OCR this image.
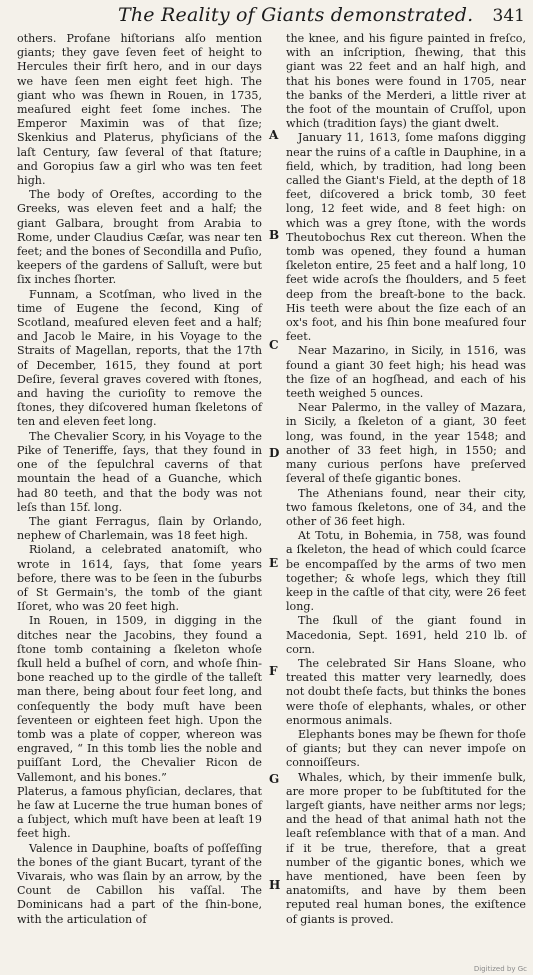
The Reality of Giants demonstrated. 341

others. Profane hiſtorians alſo mention giants; they gave ſeven feet of height to Hercules their firſt hero, and in our days we have ſeen men eight feet high. The giant who was ſhewn in Rouen, in 1735, meaſured eight feet ſome inches. The Emperor Maximin was of that ſize; Skenkius and Platerus, phyſicians of the laſt Century, ſaw ſeveral of that ſtature; and Goropius ſaw a girl who was ten feet high.

The body of Oreſtes, according to the Greeks, was eleven feet and a half; the giant Galbara, brought from Arabia to Rome, under Claudius Cæſar, was near ten feet; and the bones of Secondilla and Puſio, keepers of the gardens of Salluſt, were but ſix inches ſhorter.

Funnam, a Scotſman, who lived in the time of Eugene the ſecond, King of Scotland, meaſured eleven feet and a half; and Jacob le Maire, in his Voyage to the Straits of Magellan, reports, that the 17th of December, 1615, they found at port Deſire, ſeveral graves covered with ſtones, and having the curioſity to remove the ſtones, they diſcovered human ſkeletons of ten and eleven feet long.

The Chevalier Scory, in his Voyage to the Pike of Teneriffe, ſays, that they found in one of the ſepulchral caverns of that mountain the head of a Guanche, which had 80 teeth, and that the body was not leſs than 15f. long.

The giant Ferragus, ſlain by Orlando, nephew of Charlemain, was 18 feet high.

Rioland, a celebrated anatomiſt, who wrote in 1614, ſays, that ſome years before, there was to be ſeen in the ſuburbs of St Germain's, the tomb of the giant Iſoret, who was 20 feet high.

In Rouen, in 1509, in digging in the ditches near the Jacobins, they found a ſtone tomb containing a ſkeleton whoſe ſkull held a buſhel of corn, and whoſe ſhin-bone reached up to the girdle of the talleſt man there, being about four feet long, and conſequently the body muſt have been ſeventeen or eighteen feet high. Upon the tomb was a plate of copper, whereon was engraved, “ In this tomb lies the noble and puiſſant Lord, the Chevalier Ricon de Vallemont, and his bones.”

Platerus, a famous phyſician, declares, that he ſaw at Lucerne the true human bones of a ſubject, which muſt have been at leaſt 19 feet high.

Valence in Dauphine, boaſts of poſſeſſing the bones of the giant Bucart, tyrant of the Vivarais, who was ſlain by an arrow, by the Count de Cabillon his vaſſal. The Dominicans had a part of the ſhin-bone, with the articulation of

the knee, and his figure painted in freſco, with an inſcription, ſhewing, that this giant was 22 feet and an half high, and that his bones were found in 1705, near the banks of the Merderi, a little river at the foot of the mountain of Cruſſol, upon which (tradition ſays) the giant dwelt.

January 11, 1613, ſome maſons digging near the ruins of a caſtle in Dauphine, in a field, which, by tradition, had long been called the Giant's Field, at the depth of 18 feet, diſcovered a brick tomb, 30 feet long, 12 feet wide, and 8 feet high: on which was a grey ſtone, with the words Theutobochus Rex cut thereon. When the tomb was opened, they found a human ſkeleton entire, 25 feet and a half long, 10 feet wide acroſs the ſhoulders, and 5 feet deep from the breaſt-bone to the back. His teeth were about the ſize each of an ox's foot, and his ſhin bone meaſured four feet.

Near Mazarino, in Sicily, in 1516, was found a giant 30 feet high; his head was the ſize of an hogſhead, and each of his teeth weighed 5 ounces.

Near Palermo, in the valley of Mazara, in Sicily, a ſkeleton of a giant, 30 feet long, was found, in the year 1548; and another of 33 feet high, in 1550; and many curious perſons have preſerved ſeveral of theſe gigantic bones.

The Athenians found, near their city, two famous ſkeletons, one of 34, and the other of 36 feet high.

At Totu, in Bohemia, in 758, was found a ſkeleton, the head of which could ſcarce be encompaſſed by the arms of two men together; & whoſe legs, which they ſtill keep in the caſtle of that city, were 26 feet long.

The ſkull of the giant found in Macedonia, Sept. 1691, held 210 lb. of corn.

The celebrated Sir Hans Sloane, who treated this matter very learnedly, does not doubt theſe facts, but thinks the bones were thoſe of elephants, whales, or other enormous animals.

Elephants bones may be ſhewn for thoſe of giants; but they can never impoſe on connoiſſeurs.

Whales, which, by their immenſe bulk, are more proper to be ſubſtituted for the largeſt giants, have neither arms nor legs; and the head of that animal hath not the leaſt reſemblance with that of a man. And if it be true, therefore, that a great number of the gigantic bones, which we have mentioned, have been ſeen by anatomiſts, and have by them been reputed real human bones, the exiſtence of giants is proved.

A
B
C
D
E
F
G
H
Digitized by Gc
